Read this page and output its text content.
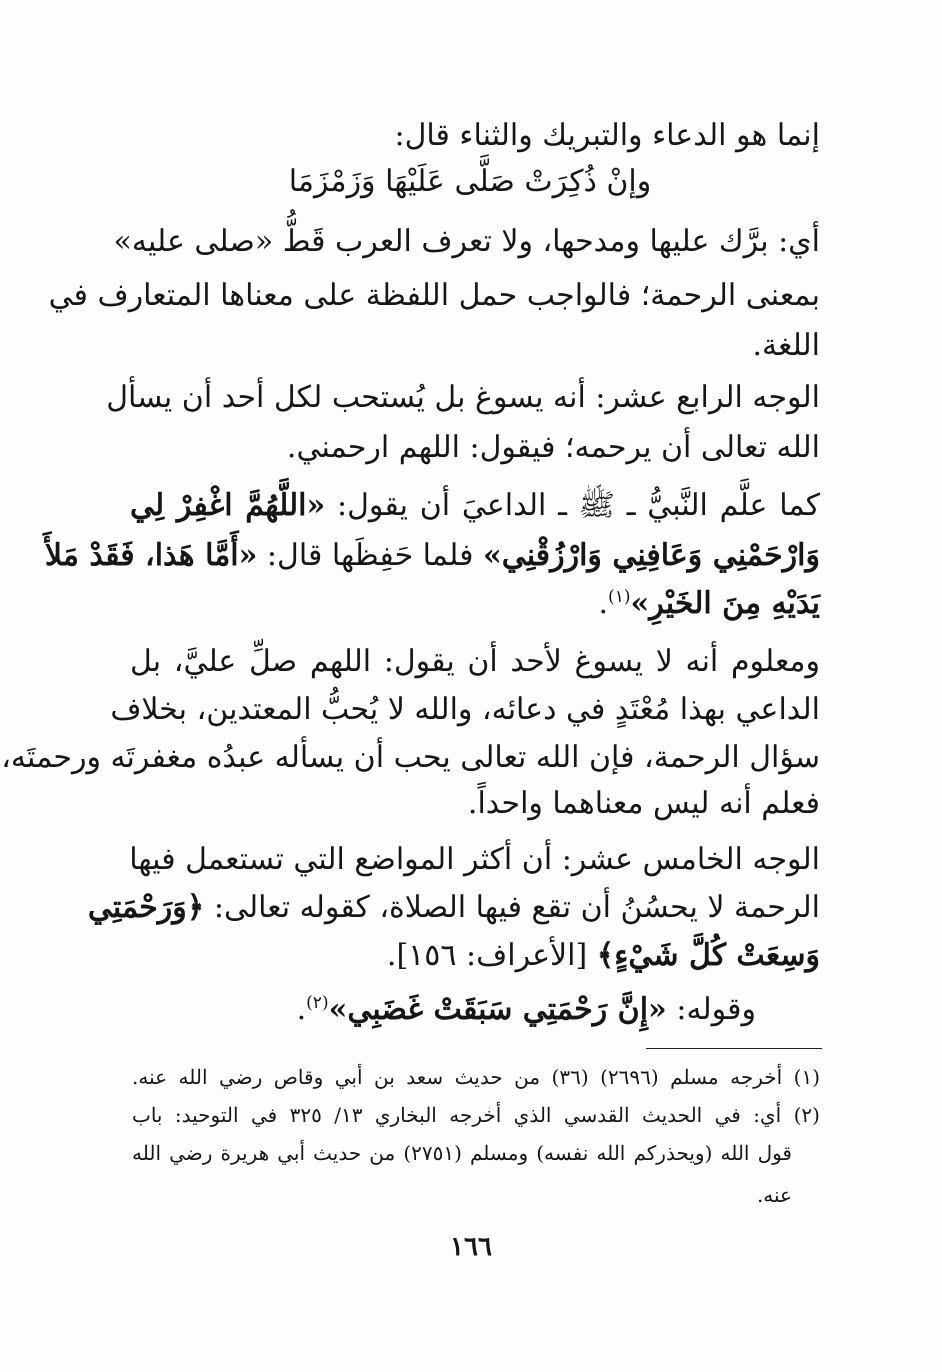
إنما هو الدعاء والتبريك والثناء قال:
وإنْ ذُكِرَتْ صَلَّى عَلَيْهَا وَزَمْزَمَا
أي: برَّك عليها ومدحها، ولا تعرف العرب قَطُّ «صلى عليه»
بمعنى الرحمة؛ فالواجب حمل اللفظة على معناها المتعارف في
اللغة.
الوجه الرابع عشر: أنه يسوغ بل يُستحب لكل أحد أن يسأل
الله تعالى أن يرحمه؛ فيقول: اللهم ارحمني.
كما علَّم النَّبيُّ ـ ﷺ ـ الداعيَ أن يقول: «اللَّهُمَّ اغْفِرْ لِي
وَارْحَمْنِي وَعَافِنِي وَارْزُقْنِي» فلما حَفِظَها قال: «أَمَّا هَذا، فَقَدْ مَلأَ
يَدَيْهِ مِنَ الخَيْرِ»$^{(١)}$.
ومعلوم أنه لا يسوغ لأحد أن يقول: اللهم صلِّ عليَّ، بل
الداعي بهذا مُعْتَدٍ في دعائه، والله لا يُحبُّ المعتدين، بخلاف
سؤال الرحمة، فإن الله تعالى يحب أن يسأله عبدُه مغفرتَه ورحمتَه،
فعلم أنه ليس معناهما واحداً.
الوجه الخامس عشر: أن أكثر المواضع التي تستعمل فيها
الرحمة لا يحسُنُ أن تقع فيها الصلاة، كقوله تعالى: ﴿وَرَحْمَتِي
وَسِعَتْ كُلَّ شَيْءٍ﴾ [الأعراف: ١٥٦].
وقوله: «إِنَّ رَحْمَتِي سَبَقَتْ غَضَبِي»$^{(٢)}$.
(١) أخرجه مسلم (٢٦٩٦) (٣٦) من حديث سعد بن أبي وقاص رضي الله عنه.
(٢) أي: في الحديث القدسي الذي أخرجه البخاري ١٣/ ٣٢٥ في التوحيد: باب
قول الله (ويحذركم الله نفسه) ومسلم (٢٧٥١) من حديث أبي هريرة رضي الله
عنه.
١٦٦
